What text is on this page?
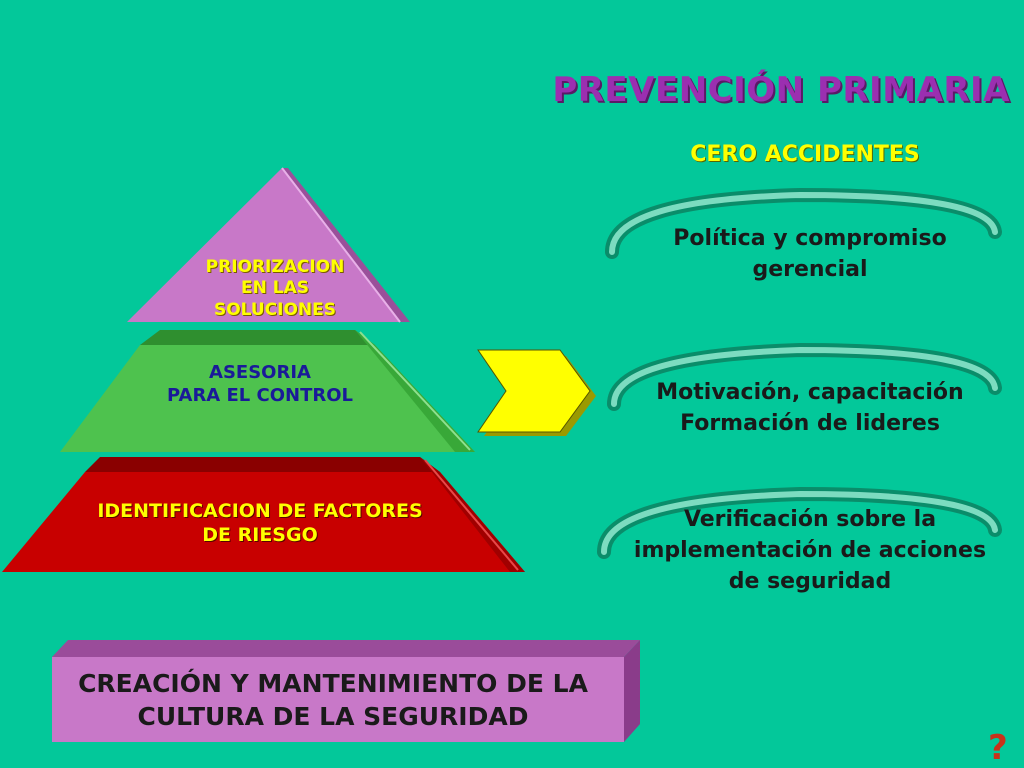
PREVENCIÓN PRIMARIA
CERO ACCIDENTES
PRIORIZACION
EN LAS
SOLUCIONES
ASESORIA
PARA EL CONTROL
IDENTIFICACION DE FACTORES
DE RIESGO
Política y compromiso
gerencial
Motivación, capacitación
Formación de lideres
Verificación sobre la
implementación de acciones
de seguridad
CREACIÓN Y MANTENIMIENTO DE LA
CULTURA DE LA SEGURIDAD
?
